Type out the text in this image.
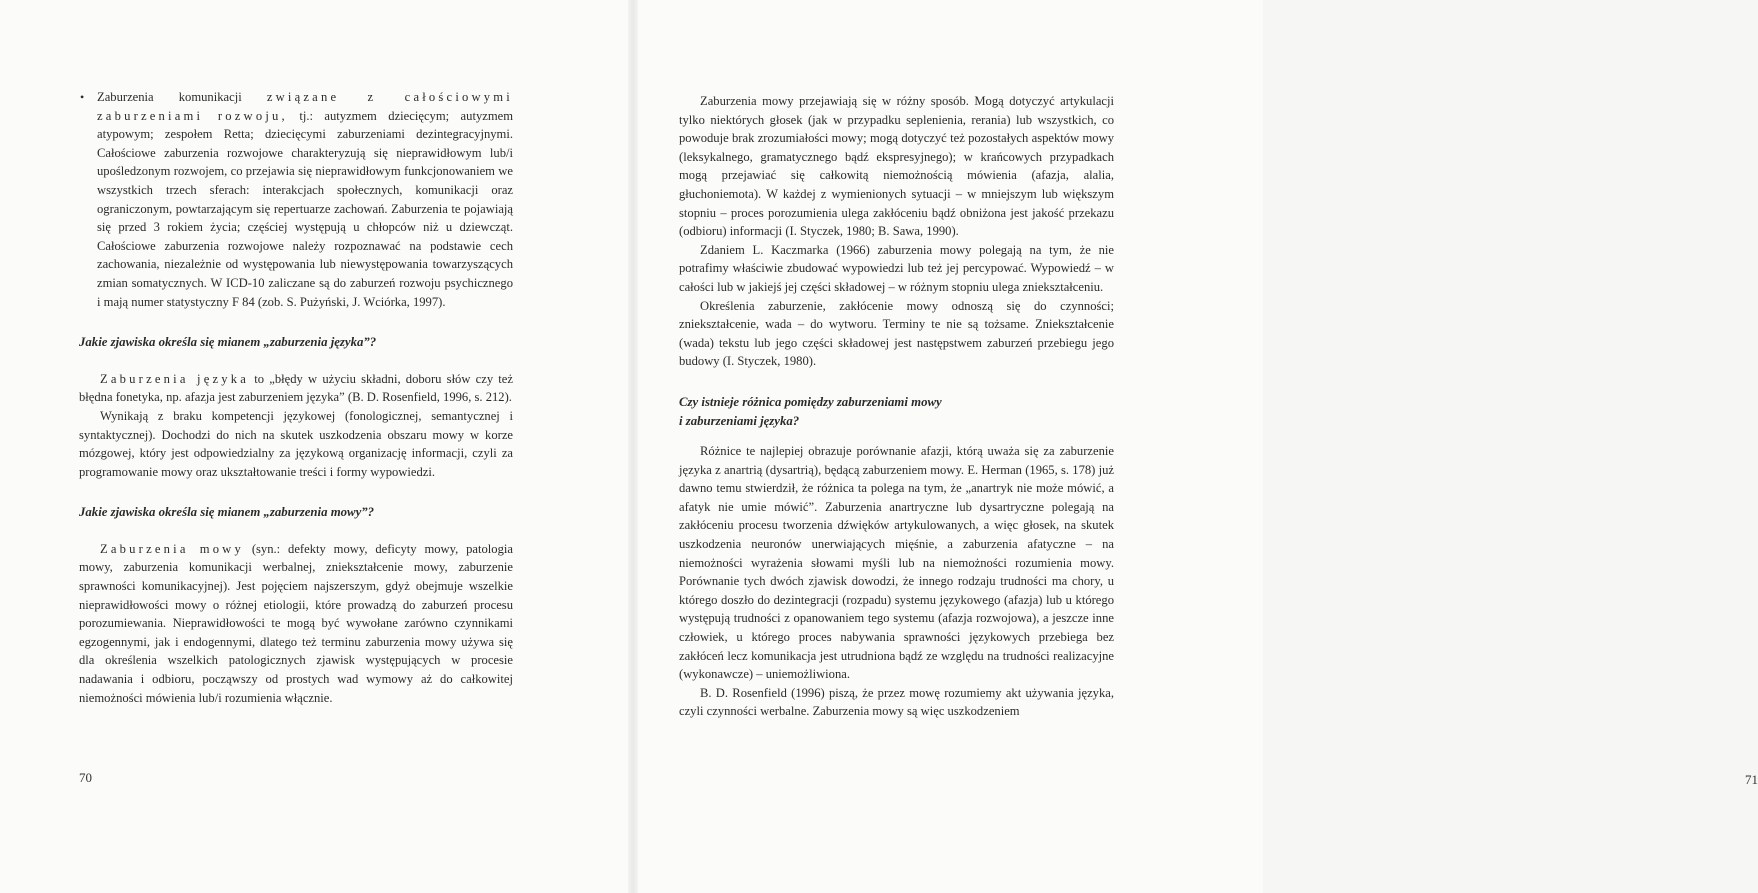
• Zaburzenia komunikacji związane z całościowymi zaburzeniami rozwoju, tj.: autyzmem dziecięcym; autyzmem atypowym; zespołem Retta; dziecięcymi zaburzeniami dezintegracyjnymi. Całościowe zaburzenia rozwojowe charakteryzują się nieprawidłowym lub/i upośledzonym rozwojem, co przejawia się nieprawidłowym funkcjonowaniem we wszystkich trzech sferach: interakcjach społecznych, komunikacji oraz ograniczonym, powtarzającym się repertuarze zachowań. Zaburzenia te pojawiają się przed 3 rokiem życia; częściej występują u chłopców niż u dziewcząt. Całościowe zaburzenia rozwojowe należy rozpoznawać na podstawie cech zachowania, niezależnie od występowania lub niewystępowania towarzyszących zmian somatycznych. W ICD-10 zaliczane są do zaburzeń rozwoju psychicznego i mają numer statystyczny F 84 (zob. S. Pużyński, J. Wciórka, 1997).

Jakie zjawiska określa się mianem „zaburzenia języka”?

Zaburzenia języka to „błędy w użyciu składni, doboru słów czy też błędna fonetyka, np. afazja jest zaburzeniem języka” (B. D. Rosenfield, 1996, s. 212).

Wynikają z braku kompetencji językowej (fonologicznej, semantycznej i syntaktycznej). Dochodzi do nich na skutek uszkodzenia obszaru mowy w korze mózgowej, który jest odpowiedzialny za językową organizację informacji, czyli za programowanie mowy oraz ukształtowanie treści i formy wypowiedzi.

Jakie zjawiska określa się mianem „zaburzenia mowy”?

Zaburzenia mowy (syn.: defekty mowy, deficyty mowy, patologia mowy, zaburzenia komunikacji werbalnej, zniekształcenie mowy, zaburzenie sprawności komunikacyjnej). Jest pojęciem najszerszym, gdyż obejmuje wszelkie nieprawidłowości mowy o różnej etiologii, które prowadzą do zaburzeń procesu porozumiewania. Nieprawidłowości te mogą być wywołane zarówno czynnikami egzogennymi, jak i endogennymi, dlatego też terminu zaburzenia mowy używa się dla określenia wszelkich patologicznych zjawisk występujących w procesie nadawania i odbioru, począwszy od prostych wad wymowy aż do całkowitej niemożności mówienia lub/i rozumienia włącznie.

70

Zaburzenia mowy przejawiają się w różny sposób. Mogą dotyczyć artykulacji tylko niektórych głosek (jak w przypadku seplenienia, rerania) lub wszystkich, co powoduje brak zrozumiałości mowy; mogą dotyczyć też pozostałych aspektów mowy (leksykalnego, gramatycznego bądź ekspresyjnego); w krańcowych przypadkach mogą przejawiać się całkowitą niemożnością mówienia (afazja, alalia, głuchoniemota). W każdej z wymienionych sytuacji – w mniejszym lub większym stopniu – proces porozumienia ulega zakłóceniu bądź obniżona jest jakość przekazu (odbioru) informacji (I. Styczek, 1980; B. Sawa, 1990).

Zdaniem L. Kaczmarka (1966) zaburzenia mowy polegają na tym, że nie potrafimy właściwie zbudować wypowiedzi lub też jej percypować. Wypowiedź – w całości lub w jakiejś jej części składowej – w różnym stopniu ulega zniekształceniu.

Określenia zaburzenie, zakłócenie mowy odnoszą się do czynności; zniekształcenie, wada – do wytworu. Terminy te nie są tożsame. Zniekształcenie (wada) tekstu lub jego części składowej jest następstwem zaburzeń przebiegu jego budowy (I. Styczek, 1980).

Czy istnieje różnica pomiędzy zaburzeniami mowy
i zaburzeniami języka?

Różnice te najlepiej obrazuje porównanie afazji, którą uważa się za zaburzenie języka z anartrią (dysartrią), będącą zaburzeniem mowy. E. Herman (1965, s. 178) już dawno temu stwierdził, że różnica ta polega na tym, że „anartryk nie może mówić, a afatyk nie umie mówić”. Zaburzenia anartryczne lub dysartryczne polegają na zakłóceniu procesu tworzenia dźwięków artykulowanych, a więc głosek, na skutek uszkodzenia neuronów unerwiających mięśnie, a zaburzenia afatyczne – na niemożności wyrażenia słowami myśli lub na niemożności rozumienia mowy. Porównanie tych dwóch zjawisk dowodzi, że innego rodzaju trudności ma chory, u którego doszło do dezintegracji (rozpadu) systemu językowego (afazja) lub u którego występują trudności z opanowaniem tego systemu (afazja rozwojowa), a jeszcze inne człowiek, u którego proces nabywania sprawności językowych przebiega bez zakłóceń lecz komunikacja jest utrudniona bądź ze względu na trudności realizacyjne (wykonawcze) – uniemożliwiona.

B. D. Rosenfield (1996) piszą, że przez mowę rozumiemy akt używania języka, czyli czynności werbalne. Zaburzenia mowy są więc uszkodzeniem

71
